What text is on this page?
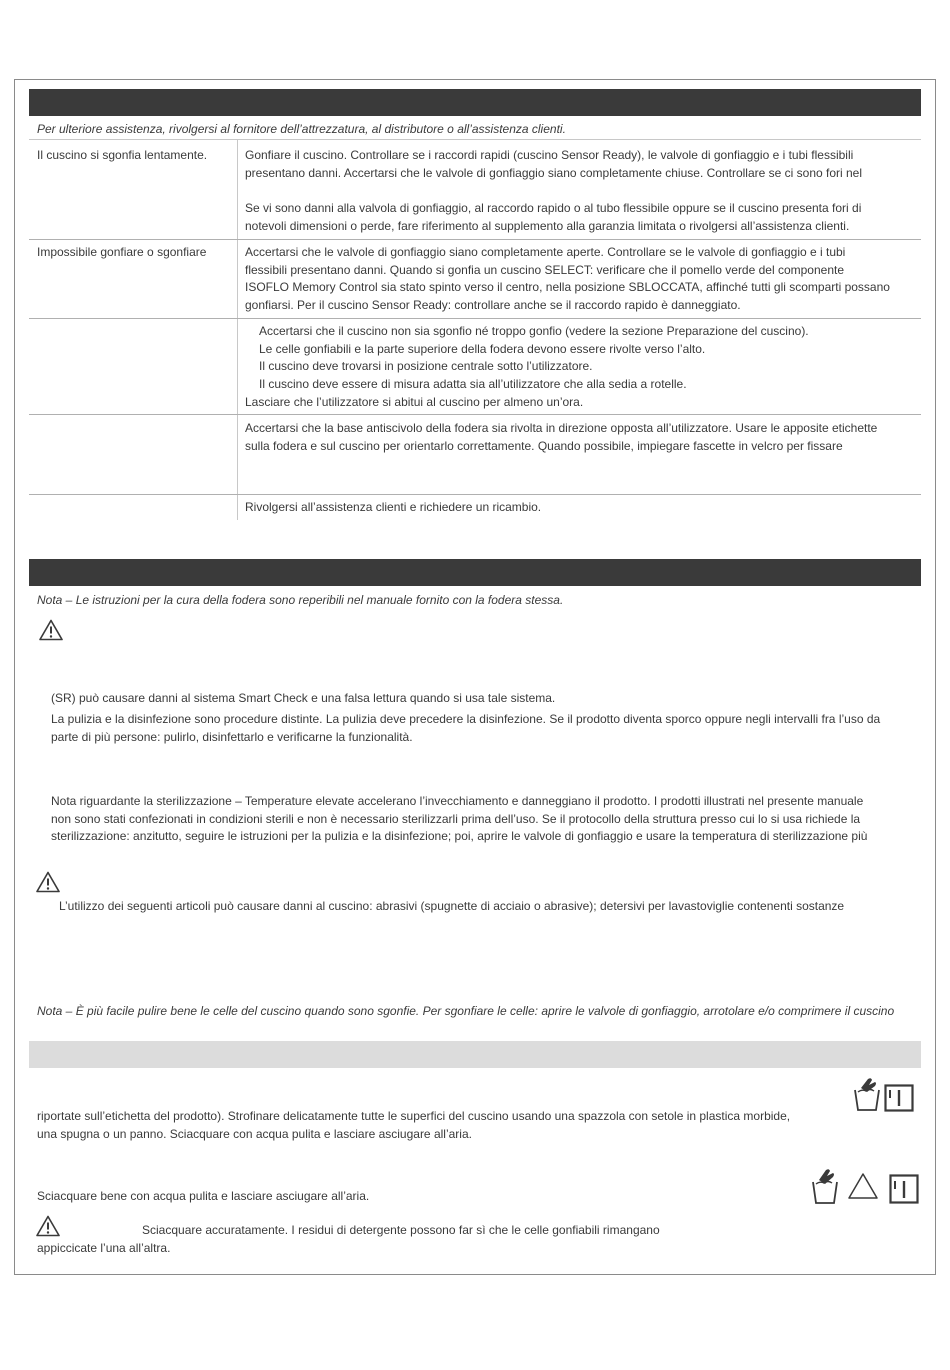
Per ulteriore assistenza, rivolgersi al fornitore dell’attrezzatura, al distributore o all’assistenza clienti.
Il cuscino si sgonfia lentamente.	Gonfiare il cuscino. Controllare se i raccordi rapidi (cuscino Sensor Ready), le valvole di gonfiaggio e i tubi flessibili
presentano danni. Accertarsi che le valvole di gonfiaggio siano completamente chiuse. Controllare se ci sono fori nel
Se vi sono danni alla valvola di gonfiaggio, al raccordo rapido o al tubo flessibile oppure se il cuscino presenta fori di
notevoli dimensioni o perde, fare riferimento al supplemento alla garanzia limitata o rivolgersi all’assistenza clienti.
Impossibile gonfiare o sgonfiare	Accertarsi che le valvole di gonfiaggio siano completamente aperte. Controllare se le valvole di gonfiaggio e i tubi
flessibili presentano danni. Quando si gonfia un cuscino SELECT: verificare che il pomello verde del componente
ISOFLO Memory Control sia stato spinto verso il centro, nella posizione SBLOCCATA, affinché tutti gli scomparti possano
gonfiarsi. Per il cuscino Sensor Ready: controllare anche se il raccordo rapido è danneggiato.
Accertarsi che il cuscino non sia sgonfio né troppo gonfio (vedere la sezione Preparazione del cuscino).
Le celle gonfiabili e la parte superiore della fodera devono essere rivolte verso l’alto.
Il cuscino deve trovarsi in posizione centrale sotto l’utilizzatore.
Il cuscino deve essere di misura adatta sia all’utilizzatore che alla sedia a rotelle.
Lasciare che l’utilizzatore si abitui al cuscino per almeno un’ora.
Accertarsi che la base antiscivolo della fodera sia rivolta in direzione opposta all’utilizzatore. Usare le apposite etichette
sulla fodera e sul cuscino per orientarlo correttamente. Quando possibile, impiegare fascette in velcro per fissare
Rivolgersi all’assistenza clienti e richiedere un ricambio.
Nota – Le istruzioni per la cura della fodera sono reperibili nel manuale fornito con la fodera stessa.
(SR) può causare danni al sistema Smart Check e una falsa lettura quando si usa tale sistema.
La pulizia e la disinfezione sono procedure distinte. La pulizia deve precedere la disinfezione. Se il prodotto diventa sporco oppure negli intervalli fra l’uso da
parte di più persone: pulirlo, disinfettarlo e verificarne la funzionalità.
Nota riguardante la sterilizzazione – Temperature elevate accelerano l’invecchiamento e danneggiano il prodotto. I prodotti illustrati nel presente manuale
non sono stati confezionati in condizioni sterili e non è necessario sterilizzarli prima dell’uso. Se il protocollo della struttura presso cui lo si usa richiede la
sterilizzazione: anzitutto, seguire le istruzioni per la pulizia e la disinfezione; poi, aprire le valvole di gonfiaggio e usare la temperatura di sterilizzazione più
L’utilizzo dei seguenti articoli può causare danni al cuscino: abrasivi (spugnette di acciaio o abrasive); detersivi per lavastoviglie contenenti sostanze
Nota – È più facile pulire bene le celle del cuscino quando sono sgonfie. Per sgonfiare le celle: aprire le valvole di gonfiaggio, arrotolare e/o comprimere il cuscino
riportate sull’etichetta del prodotto). Strofinare delicatamente tutte le superfici del cuscino usando una spazzola con setole in plastica morbide,
una spugna o un panno. Sciacquare con acqua pulita e lasciare asciugare all’aria.
Sciacquare bene con acqua pulita e lasciare asciugare all’aria.
Sciacquare accuratamente. I residui di detergente possono far sì che le celle gonfiabili rimangano
appiccicate l’una all’altra.
